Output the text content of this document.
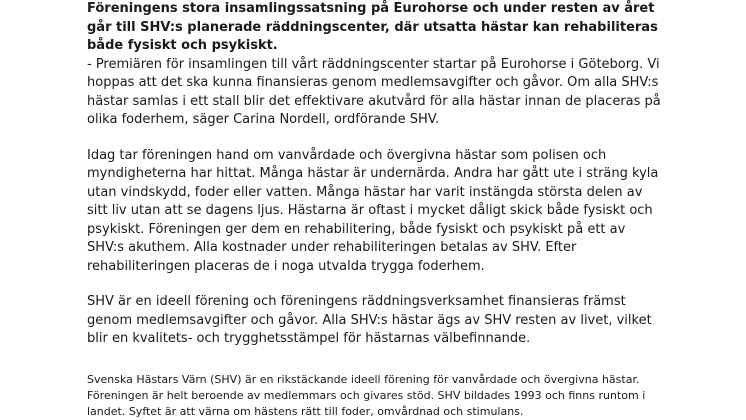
Föreningens stora insamlingssatsning på Eurohorse och under resten av året går till SHV:s planerade räddningscenter, där utsatta hästar kan rehabiliteras både fysiskt och psykiskt.

- Premiären för insamlingen till vårt räddningscenter startar på Eurohorse i Göteborg. Vi hoppas att det ska kunna finansieras genom medlemsavgifter och gåvor. Om alla SHV:s hästar samlas i ett stall blir det effektivare akutvård för alla hästar innan de placeras på olika foderhem, säger Carina Nordell, ordförande SHV.

Idag tar föreningen hand om vanvårdade och övergivna hästar som polisen och myndigheterna har hittat. Många hästar är undernärda. Andra har gått ute i sträng kyla utan vindskydd, foder eller vatten. Många hästar har varit instängda största delen av sitt liv utan att se dagens ljus. Hästarna är oftast i mycket dåligt skick både fysiskt och psykiskt. Föreningen ger dem en rehabilitering, både fysiskt och psykiskt på ett av SHV:s akuthem. Alla kostnader under rehabiliteringen betalas av SHV. Efter rehabiliteringen placeras de i noga utvalda trygga foderhem.

SHV är en ideell förening och föreningens räddningsverksamhet finansieras främst genom medlemsavgifter och gåvor. Alla SHV:s hästar ägs av SHV resten av livet, vilket blir en kvalitets- och trygghetsstämpel för hästarnas välbefinnande.

Svenska Hästars Värn (SHV) är en rikstäckande ideell förening för vanvårdade och övergivna hästar. Föreningen är helt beroende av medlemmars och givares stöd. SHV bildades 1993 och finns runtom i landet. Syftet är att värna om hästens rätt till foder, omvårdnad och stimulans.
